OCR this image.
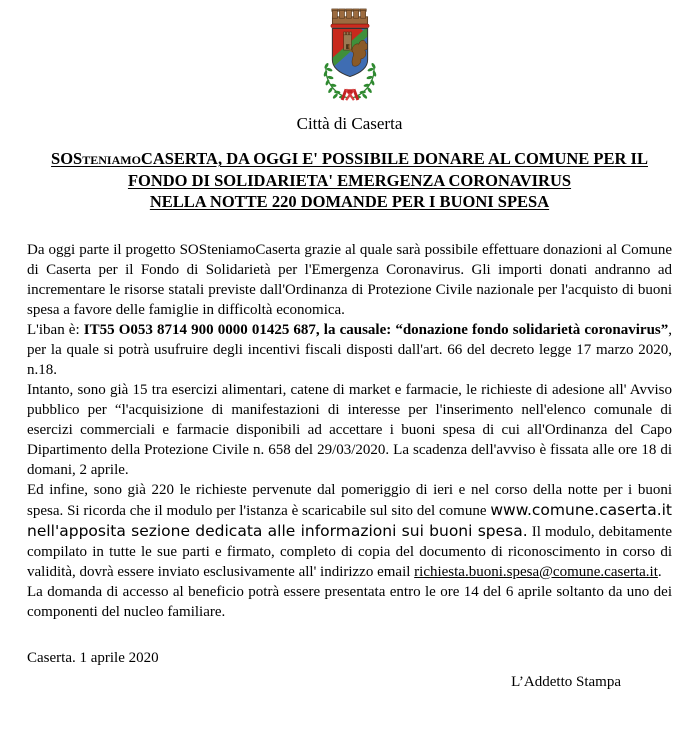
Città di Caserta
SOSteniamoCASERTA, DA OGGI E' POSSIBILE DONARE AL COMUNE PER IL
FONDO DI SOLIDARIETA' EMERGENZA CORONAVIRUS
NELLA NOTTE 220 DOMANDE PER I BUONI SPESA

Da oggi parte il progetto SOSteniamoCaserta grazie al quale sarà possibile effettuare donazioni al Comune di Caserta per il Fondo di Solidarietà per l'Emergenza Coronavirus. Gli importi donati andranno ad incrementare le risorse statali previste dall'Ordinanza di Protezione Civile nazionale per l'acquisto di buoni spesa a favore delle famiglie in difficoltà economica.

L'iban è: IT55 O053 8714 900 0000 01425 687, la causale: “donazione fondo solidarietà coronavirus”, per la quale si potrà usufruire degli incentivi fiscali disposti dall'art. 66 del decreto legge 17 marzo 2020, n.18.

Intanto, sono già 15 tra esercizi alimentari, catene di market e farmacie, le richieste di adesione all' Avviso pubblico per “l'acquisizione di manifestazioni di interesse per l'inserimento nell'elenco comunale di esercizi commerciali e farmacie disponibili ad accettare i buoni spesa di cui all'Ordinanza del Capo Dipartimento della Protezione Civile n. 658 del 29/03/2020. La scadenza dell'avviso è fissata alle ore 18 di domani, 2 aprile.

Ed infine, sono già 220 le richieste pervenute dal pomeriggio di ieri e nel corso della notte per i buoni spesa. Si ricorda che il modulo per l'istanza è scaricabile sul sito del comune www.comune.caserta.it nell'apposita sezione dedicata alle informazioni sui buoni spesa. Il modulo, debitamente compilato in tutte le sue parti e firmato, completo di copia del documento di riconoscimento in corso di validità, dovrà essere inviato esclusivamente all' indirizzo email richiesta.buoni.spesa@comune.caserta.it.

La domanda di accesso al beneficio potrà essere presentata entro le ore 14 del 6 aprile soltanto da uno dei componenti del nucleo familiare.

Caserta. 1 aprile 2020
L’Addetto Stampa
